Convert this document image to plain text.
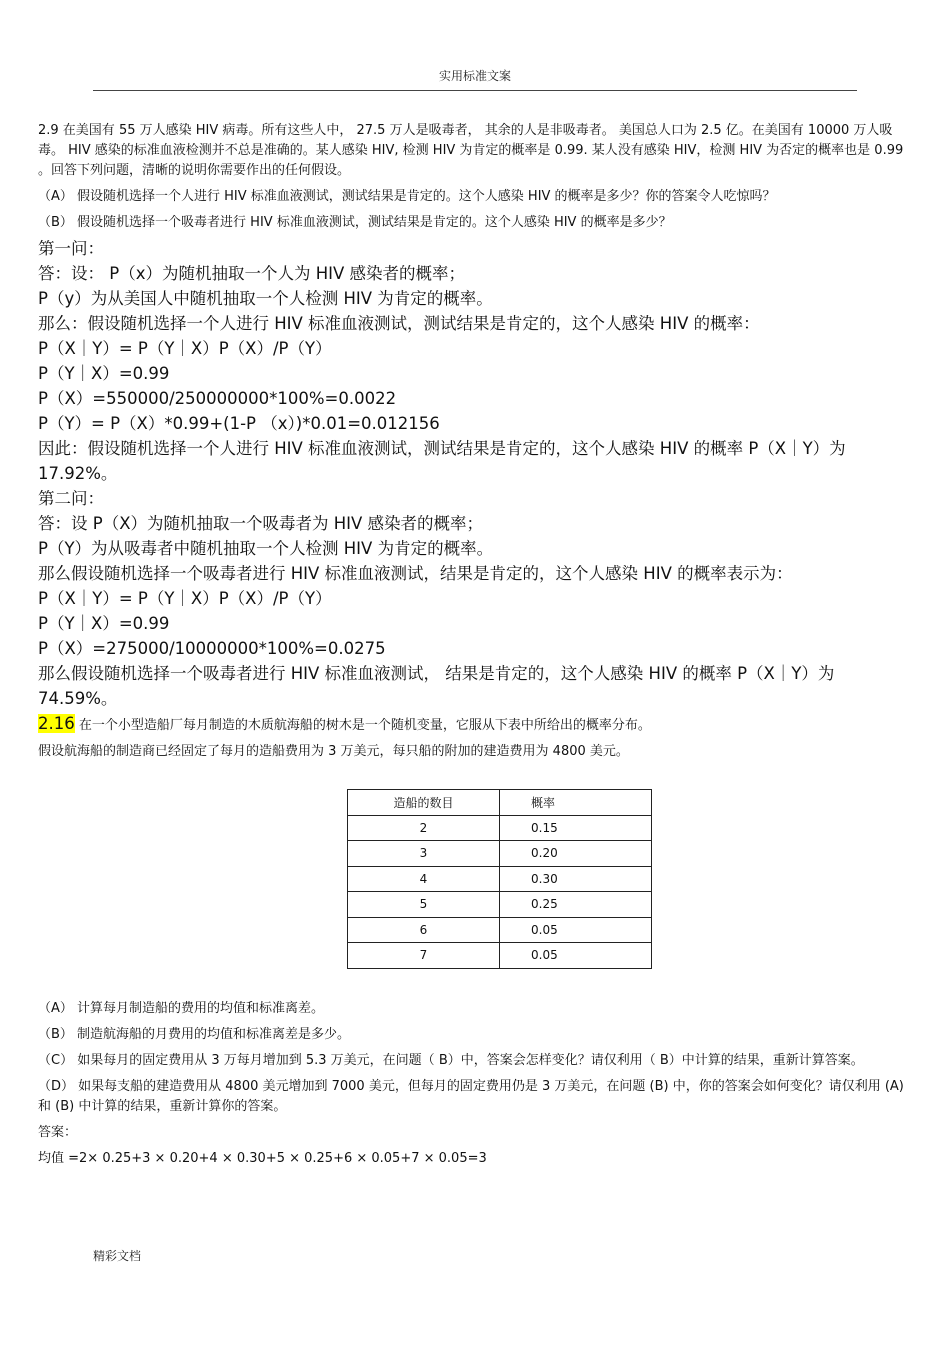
实用标准文案
2.9 在美国有 55 万人感染 HIV 病毒。所有这些人中， 27.5 万人是吸毒者， 其余的人是非吸毒者。 美国总人口为 2.5 亿。在美国有 10000 万人吸毒。 HIV 感染的标准血液检测并不总是准确的。某人感染 HIV, 检测 HIV 为肯定的概率是 0.99. 某人没有感染 HIV，检测 HIV 为否定的概率也是 0.99 。回答下列问题，清晰的说明你需要作出的任何假设。
（A） 假设随机选择一个人进行 HIV 标准血液测试，测试结果是肯定的。这个人感染 HIV 的概率是多少？你的答案令人吃惊吗？
（B） 假设随机选择一个吸毒者进行 HIV 标准血液测试，测试结果是肯定的。这个人感染 HIV 的概率是多少？
第一问：
答：设： P（x）为随机抽取一个人为 HIV 感染者的概率；
P（y）为从美国人中随机抽取一个人检测 HIV 为肯定的概率。
那么：假设随机选择一个人进行 HIV 标准血液测试，测试结果是肯定的，这个人感染 HIV 的概率：
P（X｜Y）= P（Y｜X）P（X）/P（Y）
P（Y｜X）=0.99
P（X）=550000/250000000*100%=0.0022
P（Y）= P（X）*0.99+(1-P （x）)*0.01=0.012156
因此：假设随机选择一个人进行 HIV 标准血液测试，测试结果是肯定的，这个人感染 HIV 的概率 P（X｜Y）为 17.92%。
第二问：
答：设 P（X）为随机抽取一个吸毒者为 HIV 感染者的概率；
P（Y）为从吸毒者中随机抽取一个人检测 HIV 为肯定的概率。
那么假设随机选择一个吸毒者进行 HIV 标准血液测试，结果是肯定的，这个人感染 HIV 的概率表示为：
P（X｜Y）= P（Y｜X）P（X）/P（Y）
P（Y｜X）=0.99
P（X）=275000/10000000*100%=0.0275
那么假设随机选择一个吸毒者进行 HIV 标准血液测试， 结果是肯定的，这个人感染 HIV 的概率 P（X｜Y）为 74.59%。
2.16 在一个小型造船厂每月制造的木质航海船的树木是一个随机变量，它服从下表中所给出的概率分布。
假设航海船的制造商已经固定了每月的造船费用为 3 万美元，每只船的附加的建造费用为 4800 美元。
造船的数目	概率
2	0.15
3	0.20
4	0.30
5	0.25
6	0.05
7	0.05
（A） 计算每月制造船的费用的均值和标准离差。
（B） 制造航海船的月费用的均值和标准离差是多少。
（C） 如果每月的固定费用从 3 万每月增加到 5.3 万美元，在问题（ B）中，答案会怎样变化？请仅利用（ B）中计算的结果，重新计算答案。
（D） 如果每支船的建造费用从 4800 美元增加到 7000 美元，但每月的固定费用仍是 3 万美元，在问题 (B) 中，你的答案会如何变化？请仅利用 (A) 和 (B) 中计算的结果，重新计算你的答案。
答案：
均值 =2× 0.25+3 × 0.20+4 × 0.30+5 × 0.25+6 × 0.05+7 × 0.05=3
精彩文档
